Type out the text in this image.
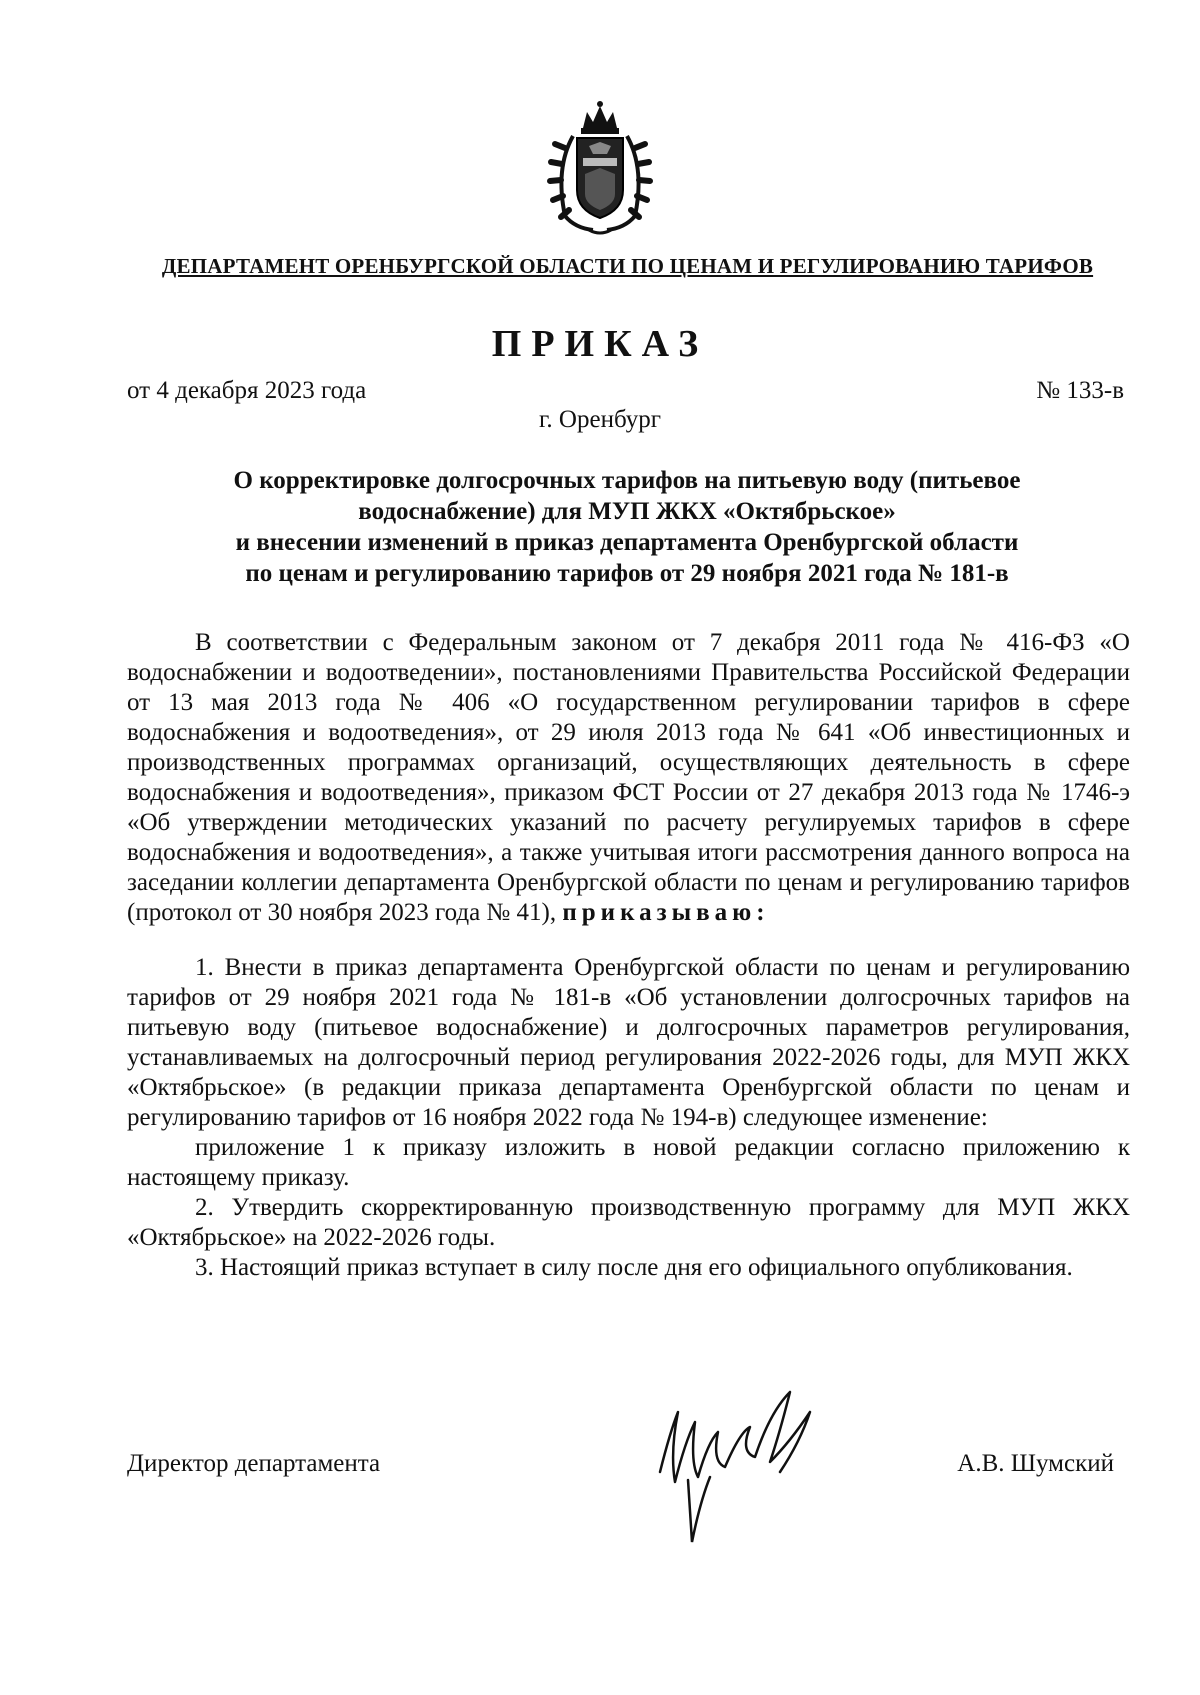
ДЕПАРТАМЕНТ ОРЕНБУРГСКОЙ ОБЛАСТИ ПО ЦЕНАМ И РЕГУЛИРОВАНИЮ ТАРИФОВ
ПРИКАЗ
от 4 декабря 2023 года	№ 133-в
г. Оренбург
О корректировке долгосрочных тарифов на питьевую воду (питьевое
водоснабжение) для МУП ЖКХ «Октябрьское»
и внесении изменений в приказ департамента Оренбургской области
по ценам и регулированию тарифов от 29 ноября 2021 года № 181-в

В соответствии с Федеральным законом от 7 декабря 2011 года № 416-ФЗ «О водоснабжении и водоотведении», постановлениями Правительства Российской Федерации от 13 мая 2013 года № 406 «О государственном регулировании тарифов в сфере водоснабжения и водоотведения», от 29 июля 2013 года № 641 «Об инвестиционных и производственных программах организаций, осуществляющих деятельность в сфере водоснабжения и водоотведения», приказом ФСТ России от 27 декабря 2013 года № 1746-э «Об утверждении методических указаний по расчету регулируемых тарифов в сфере водоснабжения и водоотведения», а также учитывая итоги рассмотрения данного вопроса на заседании коллегии департамента Оренбургской области по ценам и регулированию тарифов (протокол от 30 ноября 2023 года № 41), приказываю:

1. Внести в приказ департамента Оренбургской области по ценам и регулированию тарифов от 29 ноября 2021 года № 181-в «Об установлении долгосрочных тарифов на питьевую воду (питьевое водоснабжение) и долгосрочных параметров регулирования, устанавливаемых на долгосрочный период регулирования 2022-2026 годы, для МУП ЖКХ «Октябрьское» (в редакции приказа департамента Оренбургской области по ценам и регулированию тарифов от 16 ноября 2022 года № 194-в) следующее изменение:

приложение 1 к приказу изложить в новой редакции согласно приложению к настоящему приказу.

2. Утвердить скорректированную производственную программу для МУП ЖКХ «Октябрьское» на 2022-2026 годы.

3. Настоящий приказ вступает в силу после дня его официального опубликования.

Директор департамента	А.В. Шумский
